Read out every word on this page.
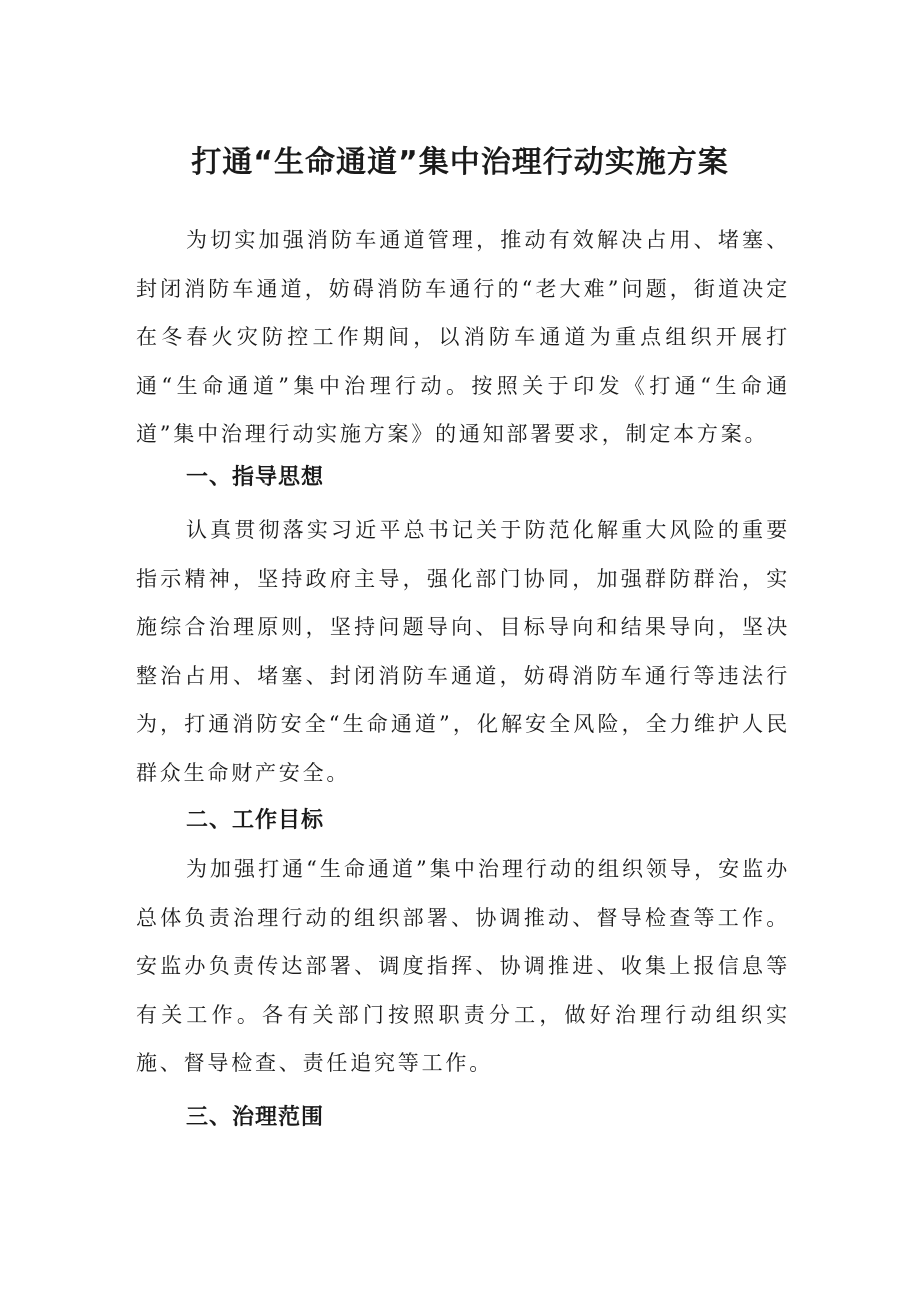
打通“生命通道”集中治理行动实施方案

为切实加强消防车通道管理，推动有效解决占用、堵塞、封闭消防车通道，妨碍消防车通行的“老大难”问题，街道决定在冬春火灾防控工作期间，以消防车通道为重点组织开展打通“生命通道”集中治理行动。按照关于印发《打通“生命通道”集中治理行动实施方案》的通知部署要求，制定本方案。

一、指导思想

认真贯彻落实习近平总书记关于防范化解重大风险的重要指示精神，坚持政府主导，强化部门协同，加强群防群治，实施综合治理原则，坚持问题导向、目标导向和结果导向，坚决整治占用、堵塞、封闭消防车通道，妨碍消防车通行等违法行为，打通消防安全“生命通道”，化解安全风险，全力维护人民群众生命财产安全。

二、工作目标

为加强打通“生命通道”集中治理行动的组织领导，安监办总体负责治理行动的组织部署、协调推动、督导检查等工作。安监办负责传达部署、调度指挥、协调推进、收集上报信息等有关工作。各有关部门按照职责分工，做好治理行动组织实施、督导检查、责任追究等工作。

三、治理范围
